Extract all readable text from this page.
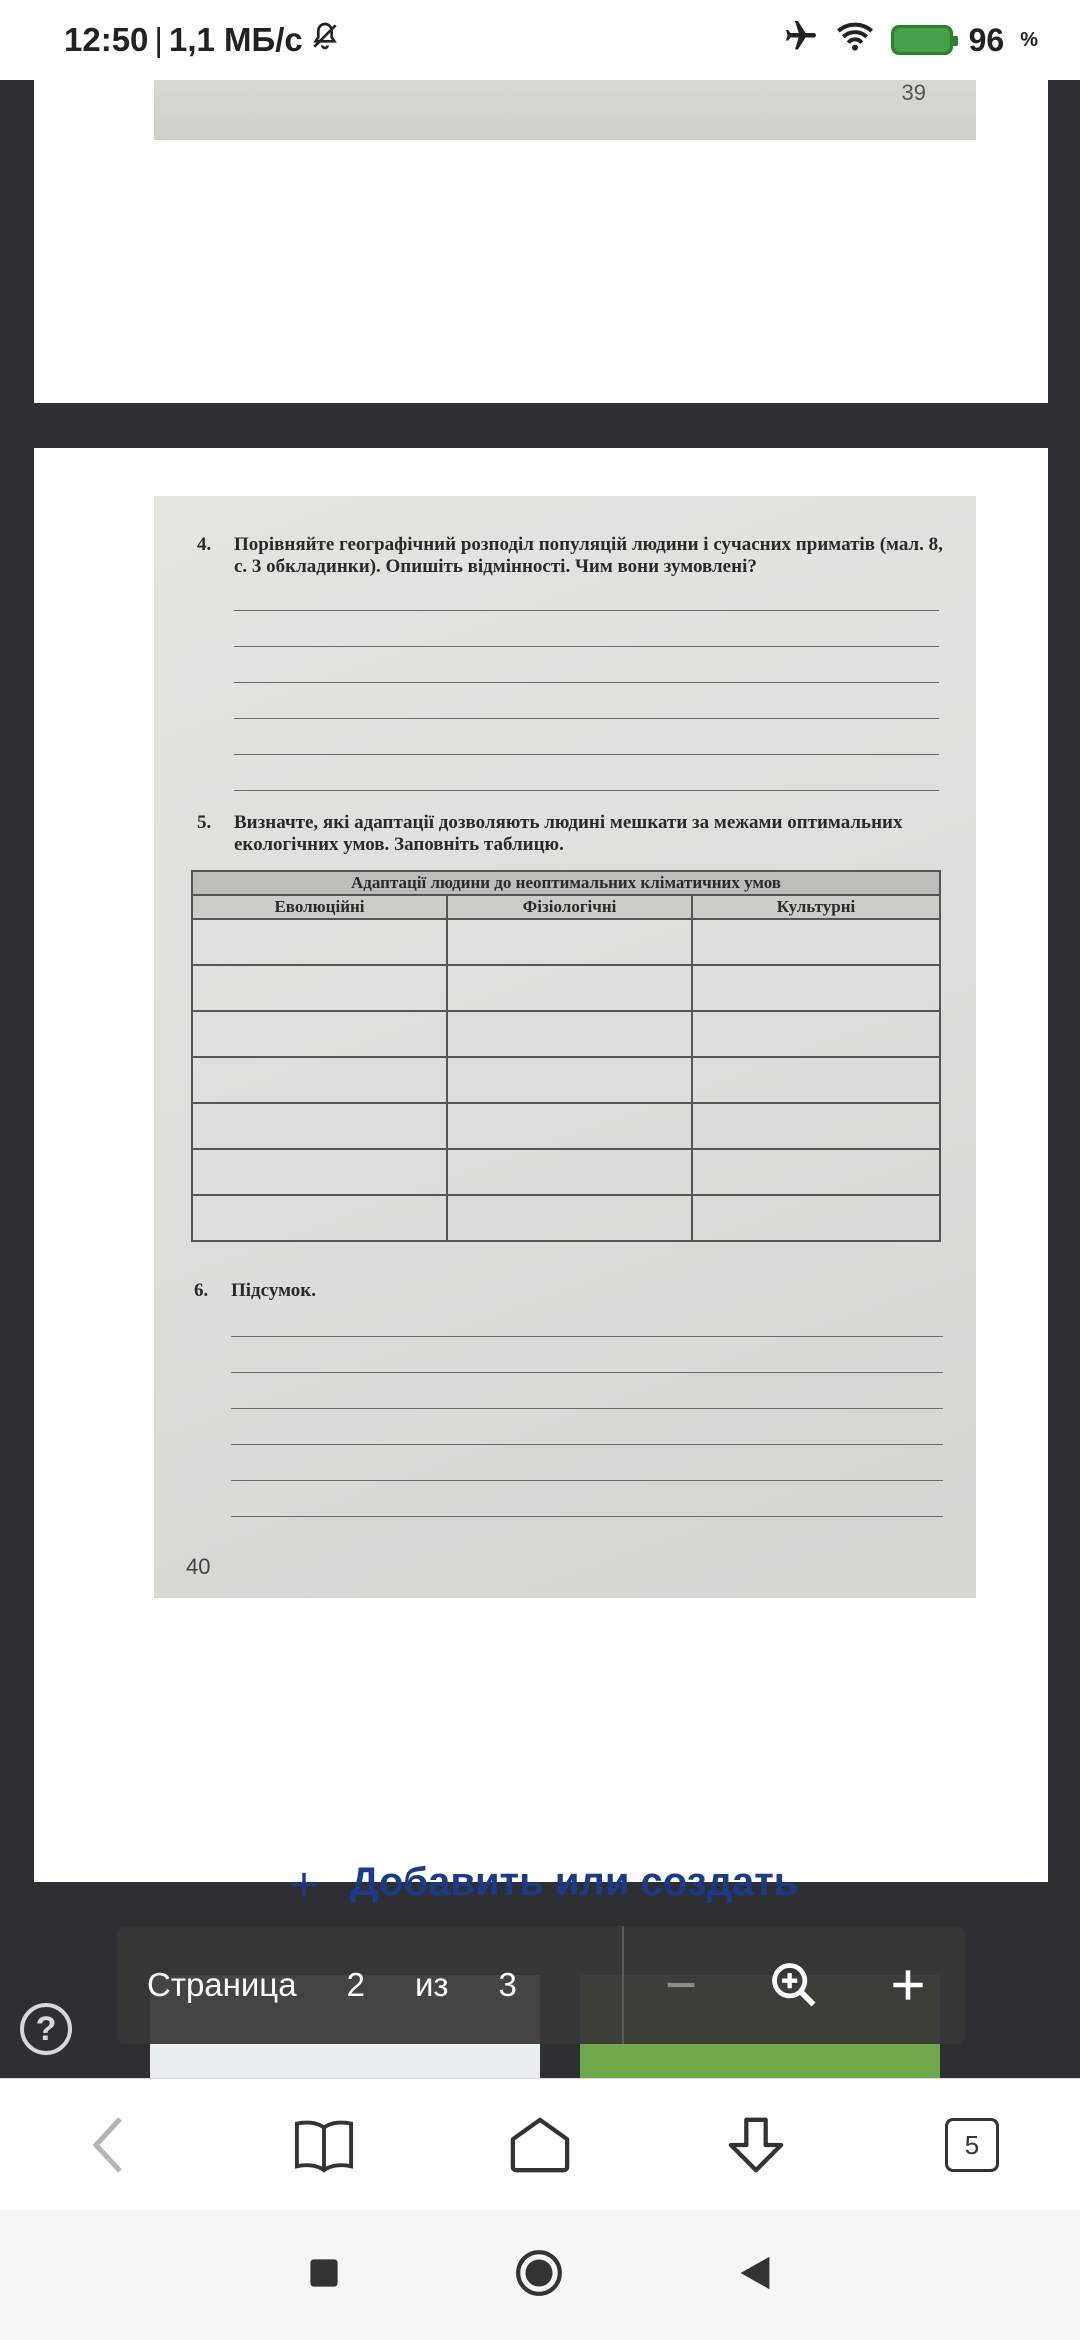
12:50 | 1,1 МБ/с	96 %
39
4. Порівняйте географічний розподіл популяцій людини і сучасних приматів (мал. 8, с. 3 обкладинки). Опишіть відмінності. Чим вони зумовлені?
5. Визначте, які адаптації дозволяють людині мешкати за межами оптимальних екологічних умов. Заповніть таблицю.
Адаптації людини до неоптимальних кліматичних умов		
Еволюційні	Фізіологічні	Культурні

6. Підсумок.
40
Добавить или создать
+
Страница 2 из 3
?
5
